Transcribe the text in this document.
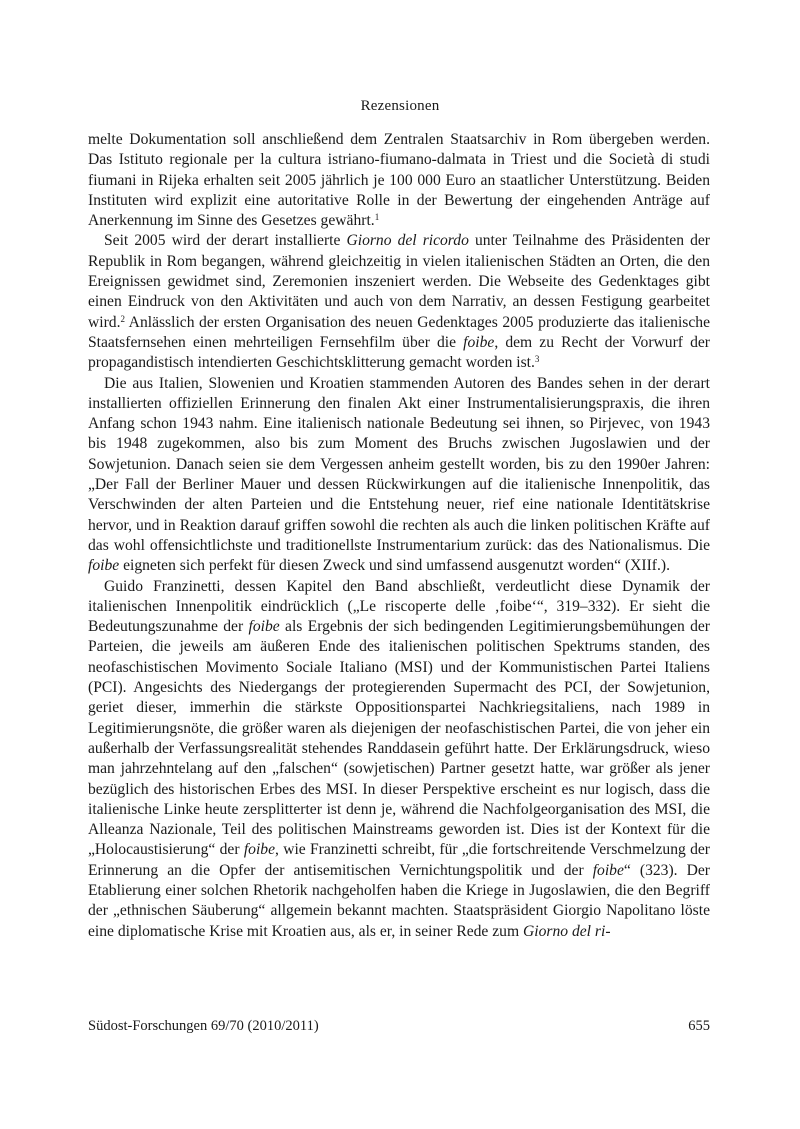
Rezensionen

melte Dokumentation soll anschließend dem Zentralen Staatsarchiv in Rom übergeben werden. Das Istituto regionale per la cultura istriano-fiumano-dalmata in Triest und die Società di studi fiumani in Rijeka erhalten seit 2005 jährlich je 100 000 Euro an staatlicher Unterstützung. Beiden Instituten wird explizit eine autoritative Rolle in der Bewertung der eingehenden Anträge auf Anerkennung im Sinne des Gesetzes gewährt.$^1$

Seit 2005 wird der derart installierte Giorno del ricordo unter Teilnahme des Präsidenten der Republik in Rom begangen, während gleichzeitig in vielen italienischen Städten an Orten, die den Ereignissen gewidmet sind, Zeremonien inszeniert werden. Die Webseite des Gedenktages gibt einen Eindruck von den Aktivitäten und auch von dem Narrativ, an dessen Festigung gearbeitet wird.$^2$ Anlässlich der ersten Organisation des neuen Gedenktages 2005 produzierte das italienische Staatsfernsehen einen mehrteiligen Fernsehfilm über die foibe, dem zu Recht der Vorwurf der propagandistisch intendierten Geschichtsklitterung gemacht worden ist.$^3$

Die aus Italien, Slowenien und Kroatien stammenden Autoren des Bandes sehen in der derart installierten offiziellen Erinnerung den finalen Akt einer Instrumentalisierungspraxis, die ihren Anfang schon 1943 nahm. Eine italienisch nationale Bedeutung sei ihnen, so Pirjevec, von 1943 bis 1948 zugekommen, also bis zum Moment des Bruchs zwischen Jugoslawien und der Sowjetunion. Danach seien sie dem Vergessen anheim gestellt worden, bis zu den 1990er Jahren: „Der Fall der Berliner Mauer und dessen Rückwirkungen auf die italienische Innenpolitik, das Verschwinden der alten Parteien und die Entstehung neuer, rief eine nationale Identitätskrise hervor, und in Reaktion darauf griffen sowohl die rechten als auch die linken politischen Kräfte auf das wohl offensichtlichste und traditionellste Instrumentarium zurück: das des Nationalismus. Die foibe eigneten sich perfekt für diesen Zweck und sind umfassend ausgenutzt worden“ (XIIf.).

Guido Franzinetti, dessen Kapitel den Band abschließt, verdeutlicht diese Dynamik der italienischen Innenpolitik eindrücklich („Le riscoperte delle ‚foibe‘“, 319–332). Er sieht die Bedeutungszunahme der foibe als Ergebnis der sich bedingenden Legitimierungsbemühungen der Parteien, die jeweils am äußeren Ende des italienischen politischen Spektrums standen, des neofaschistischen Movimento Sociale Italiano (MSI) und der Kommunistischen Partei Italiens (PCI). Angesichts des Niedergangs der protegierenden Supermacht des PCI, der Sowjetunion, geriet dieser, immerhin die stärkste Oppositionspartei Nachkriegsitaliens, nach 1989 in Legitimierungsnöte, die größer waren als diejenigen der neofaschistischen Partei, die von jeher ein außerhalb der Verfassungsrealität stehendes Randdasein geführt hatte. Der Erklärungsdruck, wieso man jahrzehntelang auf den „falschen“ (sowjetischen) Partner gesetzt hatte, war größer als jener bezüglich des historischen Erbes des MSI. In dieser Perspektive erscheint es nur logisch, dass die italienische Linke heute zersplitterter ist denn je, während die Nachfolgeorganisation des MSI, die Alleanza Nazionale, Teil des politischen Mainstreams geworden ist. Dies ist der Kontext für die „Holocaustisierung“ der foibe, wie Franzinetti schreibt, für „die fortschreitende Verschmelzung der Erinnerung an die Opfer der antisemitischen Vernichtungspolitik und der foibe“ (323). Der Etablierung einer solchen Rhetorik nachgeholfen haben die Kriege in Jugoslawien, die den Begriff der „ethnischen Säuberung“ allgemein bekannt machten. Staatspräsident Giorgio Napolitano löste eine diplomatische Krise mit Kroatien aus, als er, in seiner Rede zum Giorno del ri-

Südost-Forschungen 69/70 (2010/2011)	655
